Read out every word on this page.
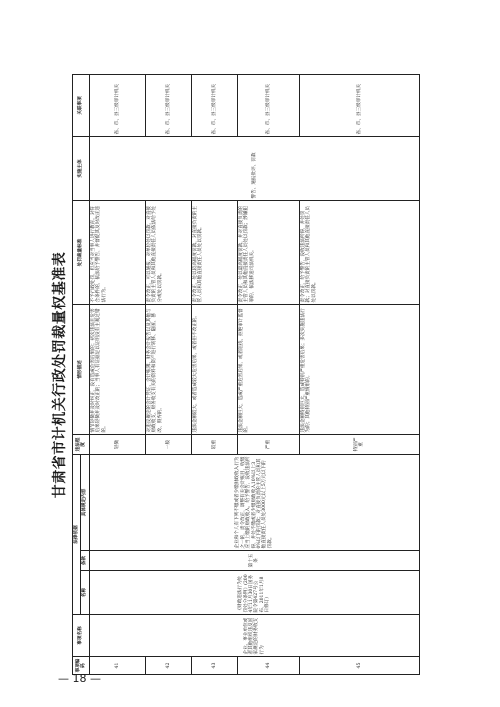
甘肃省市计机关行政处罚裁量权基准表
事项编码	事项名称	法律依据			违法程度	情形描述	处罚裁量标准	实施主体	关联事项
		名称	条款	具体规定内容					
41	企业、事业单位或者其他组织违反国家规定的财务收支行为	《财政违法行为处罚处分条例》(2004年11月30日国务院令第427号公布，2011年1月8日修订)	第十五条	企业和个人有下列不缴或者少缴财政收入行为之一的，责令改正，调整有关会计账目，收缴应当上缴的财政收入，给予警告，没收违法所得，并处不缴或者少缴财政收入10%以上30%以下的罚款；对直接负责的主管人员和其他直接责任人员处3000元以上5万元以下的罚款。	轻微	情节轻微并及时纠正，没有造成危害后果的；初次违法且危害后果轻微并及时改正的；当事人有证据足以证明没有主观过错的。	不予行政处罚，但应当对当事人进行教育。对符合条件的，依法给予警告，并督促其及时改正违法行为。	警告、通报批评、罚款	省、市、县三级审计机关
42					一般	对违反规定的会计凭证、会计账簿、财务会计报告以及其他与财政收支、财务收支有关的资料和资产进行转移、隐匿、篡改、毁弃的。	责令改正，可以通报，对单位处以罚款，对直接负责的主管人员和其他直接责任人员依法给予处分或处以罚款。		省、市、县三级审计机关
43					较重	违法金额较大，或者造成较大危害后果，或者拒不改正的。	责令改正，处以较高幅度罚款，对直接负责的主管人员和其他直接责任人员处以罚款。		省、市、县三级审计机关
44					严重	违法金额巨大，造成严重危害后果，或者阻挠、拒绝审计监督的。	责令改正，处以最高幅度罚款，并对直接负责的主管人员和其他直接责任人员处以罚款；涉嫌犯罪的，依法移送司法机关。		省、市、县三级审计机关
45					特别严重	违法金额特别巨大，造成特别严重危害后果；多次实施违法行为的；其他特别严重情形的。	责令改正，给予警告，没收违法所得，并处罚款；对直接负责的主管人员和其他直接责任人员处以罚款。		省、市、县三级审计机关
— 18 —
